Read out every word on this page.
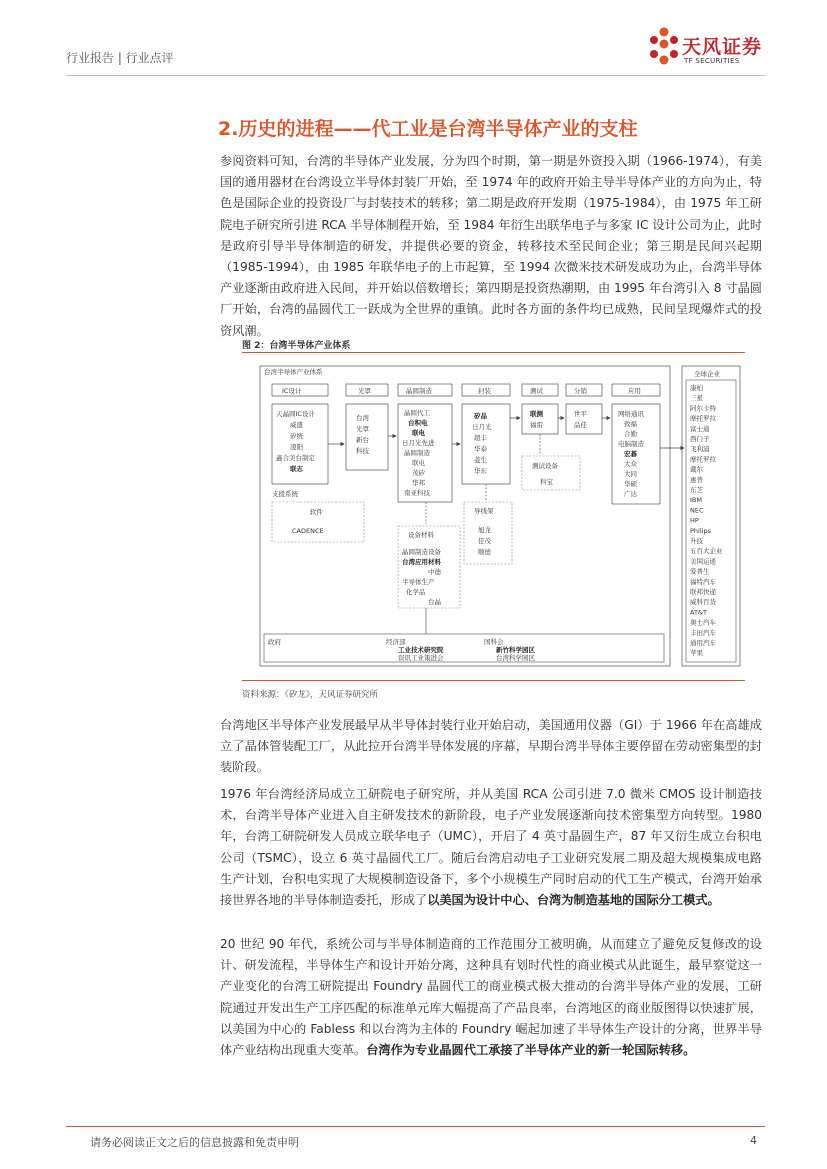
行业报告 | 行业点评	天风证券
TF SECURITIES
2.历史的进程——代工业是台湾半导体产业的支柱

参阅资料可知，台湾的半导体产业发展，分为四个时期，第一期是外资投入期（1966-1974），有美国的通用器材在台湾设立半导体封装厂开始，至 1974 年的政府开始主导半导体产业的方向为止，特色是国际企业的投资设厂与封装技术的转移；第二期是政府开发期（1975-1984），由 1975 年工研院电子研究所引进 RCA 半导体制程开始，至 1984 年衍生出联华电子与多家 IC 设计公司为止，此时是政府引导半导体制造的研发，并提供必要的资金，转移技术至民间企业；第三期是民间兴起期（1985-1994），由 1985 年联华电子的上市起算，至 1994 次微米技术研发成功为止，台湾半导体产业逐渐由政府进入民间，并开始以倍数增长；第四期是投资热潮期，由 1995 年台湾引入 8 寸晶圆厂开始，台湾的晶圆代工一跃成为全世界的重镇。此时各方面的条件均已成熟，民间呈现爆炸式的投资风潮。

图 2：台湾半导体产业体系
台湾半导体产业体系
IC设计
天晶圆IC设计
威盛
矽统
凌阳
鑫合美台制定
联志
光罩
台湾
光罩
新台
科技
晶圆制造
晶圆代工
台积电
联电
日月光先进
晶圆制造
联电
茂矽
华邦
南亚科技
封装
矽品
日月光
超丰
华泰
菱生
华东
测试
联测
福雷
分销
世平
品佳
应用
网络通讯
致福
合勤
电脑制造
宏碁
大众
大同
华硕
广达
全球企业
康柏
三星
阿尔卡特
摩托罗拉
富士通
西门子
飞利浦
摩托罗拉
戴尔
惠普
东芝
IBM
NEC
HP
Philips
升技
五百大企业
美国运通
爱普生
福特汽车
联邦快递
威科百货
AT&T
奥士汽车
丰田汽车
通用汽车
苹果
支援系统
软件
CADENCE
测试设备
科宝
导线架
旭龙
佳茂
顺德
设备材料
晶圆制造设备
台湾应用材料
中德
半导体生产
化学品
台晶
政府	经济部
工业技术研究院
资讯工业策进会
国科会
新竹科学园区
台湾科学园区
资料来源：《矽龙》，天风证券研究所

台湾地区半导体产业发展最早从半导体封装行业开始启动，美国通用仪器（GI）于 1966 年在高雄成立了晶体管装配工厂，从此拉开台湾半导体发展的序幕，早期台湾半导体主要停留在劳动密集型的封装阶段。

1976 年台湾经济局成立工研院电子研究所，并从美国 RCA 公司引进 7.0 微米 CMOS 设计制造技术，台湾半导体产业进入自主研发技术的新阶段，电子产业发展逐渐向技术密集型方向转型。1980 年，台湾工研院研发人员成立联华电子（UMC），开启了 4 英寸晶圆生产，87 年又衍生成立台积电公司（TSMC），设立 6 英寸晶圆代工厂。随后台湾启动电子工业研究发展二期及超大规模集成电路生产计划，台积电实现了大规模制造设备下，多个小规模生产同时启动的代工生产模式，台湾开始承接世界各地的半导体制造委托，形成了以美国为设计中心、台湾为制造基地的国际分工模式。

20 世纪 90 年代，系统公司与半导体制造商的工作范围分工被明确，从而建立了避免反复修改的设计、研发流程，半导体生产和设计开始分离，这种具有划时代性的商业模式从此诞生，最早察觉这一产业变化的台湾工研院提出 Foundry 晶圆代工的商业模式极大推动的台湾半导体产业的发展，工研院通过开发出生产工序匹配的标准单元库大幅提高了产品良率，台湾地区的商业版图得以快速扩展，以美国为中心的 Fabless 和以台湾为主体的 Foundry 崛起加速了半导体生产设计的分离，世界半导体产业结构出现重大变革。台湾作为专业晶圆代工承接了半导体产业的新一轮国际转移。

请务必阅读正文之后的信息披露和免责申明	4
